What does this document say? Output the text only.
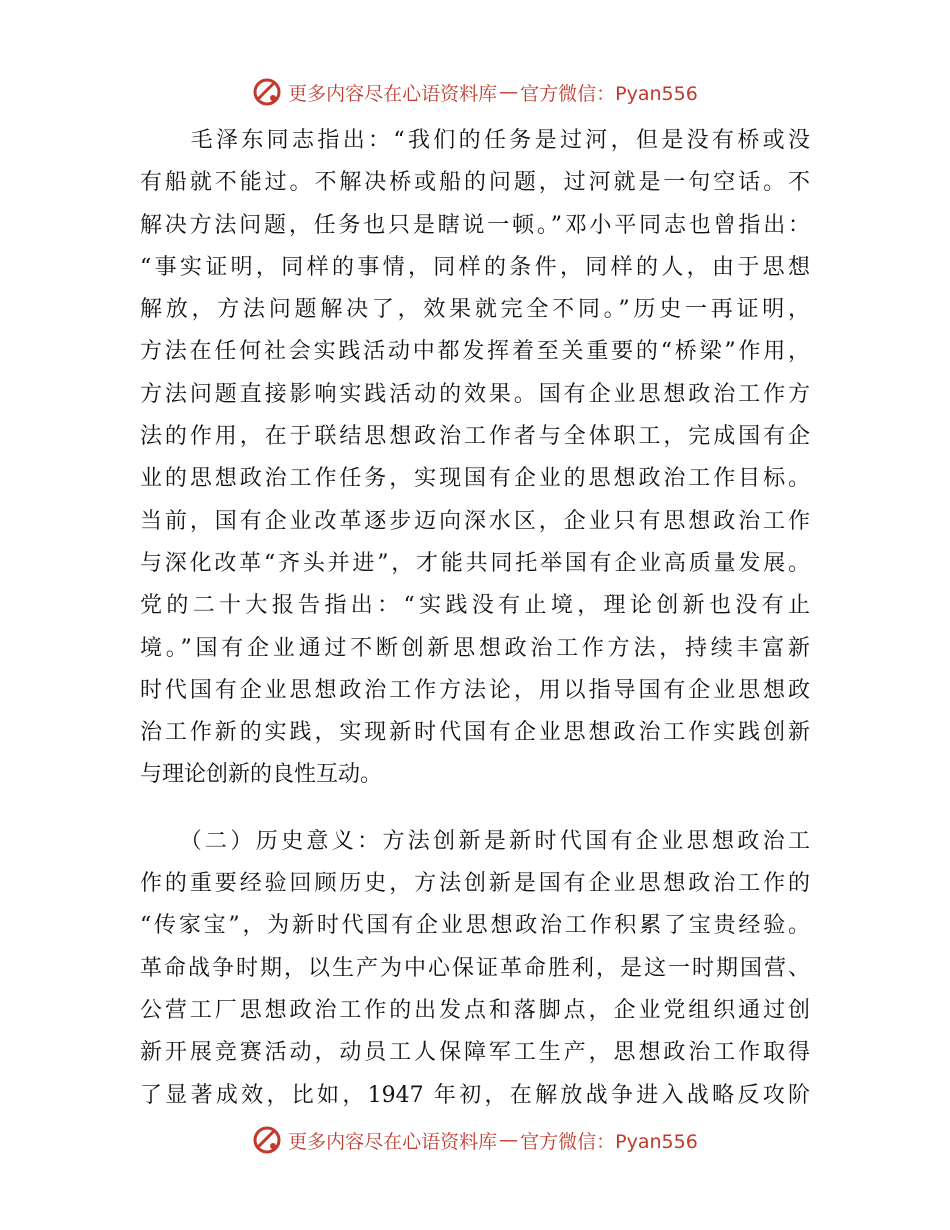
更多内容尽在心语资料库 — 官方微信：Pyan556
　　毛泽东同志指出：“我们的任务是过河，但是没有桥或没
有船就不能过。不解决桥或船的问题，过河就是一句空话。不
解决方法问题，任务也只是瞎说一顿。”邓小平同志也曾指出：
“事实证明，同样的事情，同样的条件，同样的人，由于思想
解放，方法问题解决了，效果就完全不同。”历史一再证明，
方法在任何社会实践活动中都发挥着至关重要的“桥梁”作用，
方法问题直接影响实践活动的效果。国有企业思想政治工作方
法的作用，在于联结思想政治工作者与全体职工，完成国有企
业的思想政治工作任务，实现国有企业的思想政治工作目标。
当前，国有企业改革逐步迈向深水区，企业只有思想政治工作
与深化改革“齐头并进”，才能共同托举国有企业高质量发展。
党的二十大报告指出：“实践没有止境，理论创新也没有止
境。”国有企业通过不断创新思想政治工作方法，持续丰富新
时代国有企业思想政治工作方法论，用以指导国有企业思想政
治工作新的实践，实现新时代国有企业思想政治工作实践创新
与理论创新的良性互动。
　　（二）历史意义：方法创新是新时代国有企业思想政治工
作的重要经验回顾历史，方法创新是国有企业思想政治工作的
“传家宝”，为新时代国有企业思想政治工作积累了宝贵经验。
革命战争时期，以生产为中心保证革命胜利，是这一时期国营、
公营工厂思想政治工作的出发点和落脚点，企业党组织通过创
新开展竞赛活动，动员工人保障军工生产，思想政治工作取得
了显著成效，比如，1947 年初，在解放战争进入战略反攻阶
更多内容尽在心语资料库 — 官方微信：Pyan556
